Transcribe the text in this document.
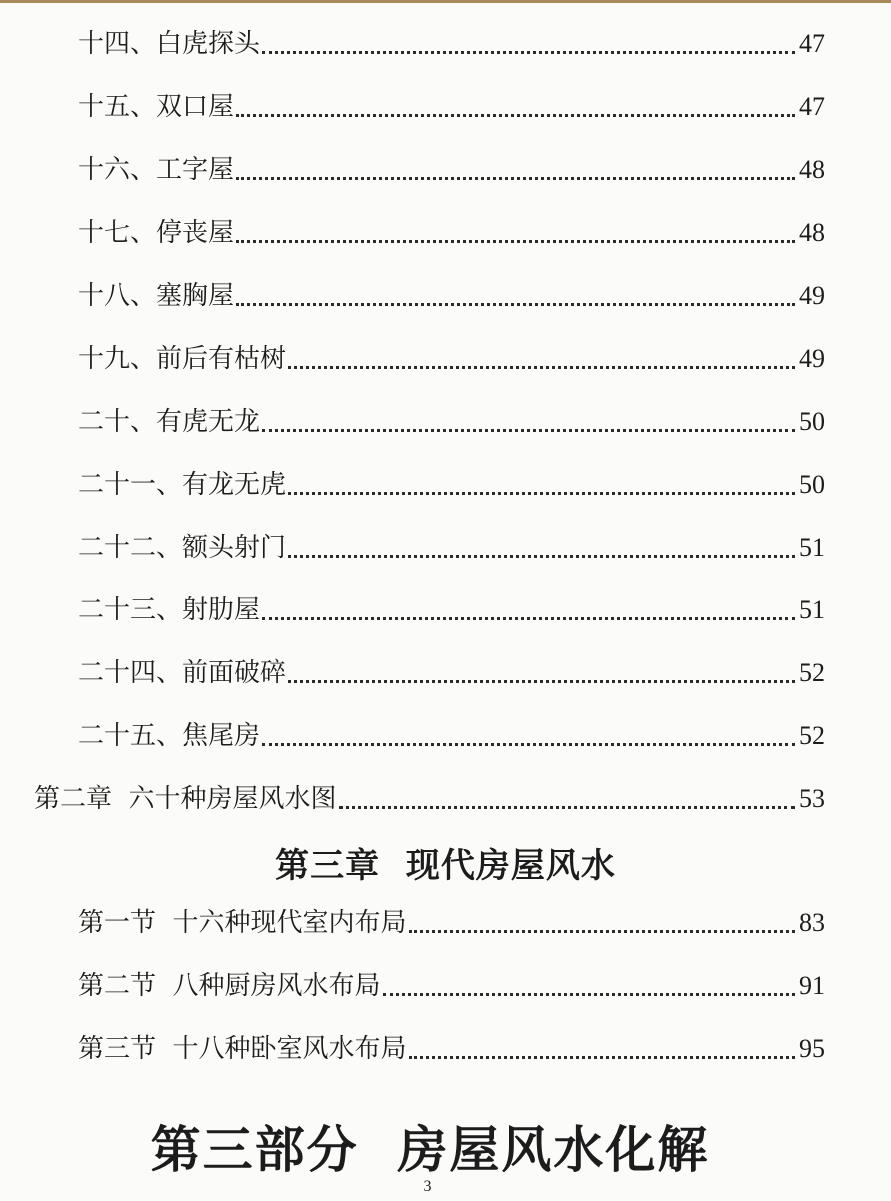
十四、白虎探头	47
十五、双口屋	47
十六、工字屋	48
十七、停丧屋	48
十八、塞胸屋	49
十九、前后有枯树	49
二十、有虎无龙	50
二十一、有龙无虎	50
二十二、额头射门	51
二十三、射肋屋	51
二十四、前面破碎	52
二十五、焦尾房	52
第二章  六十种房屋风水图	53
第三章  现代房屋风水
第一节  十六种现代室内布局	83
第二节  八种厨房风水布局	91
第三节  十八种卧室风水布局	95
第三部分  房屋风水化解
3
